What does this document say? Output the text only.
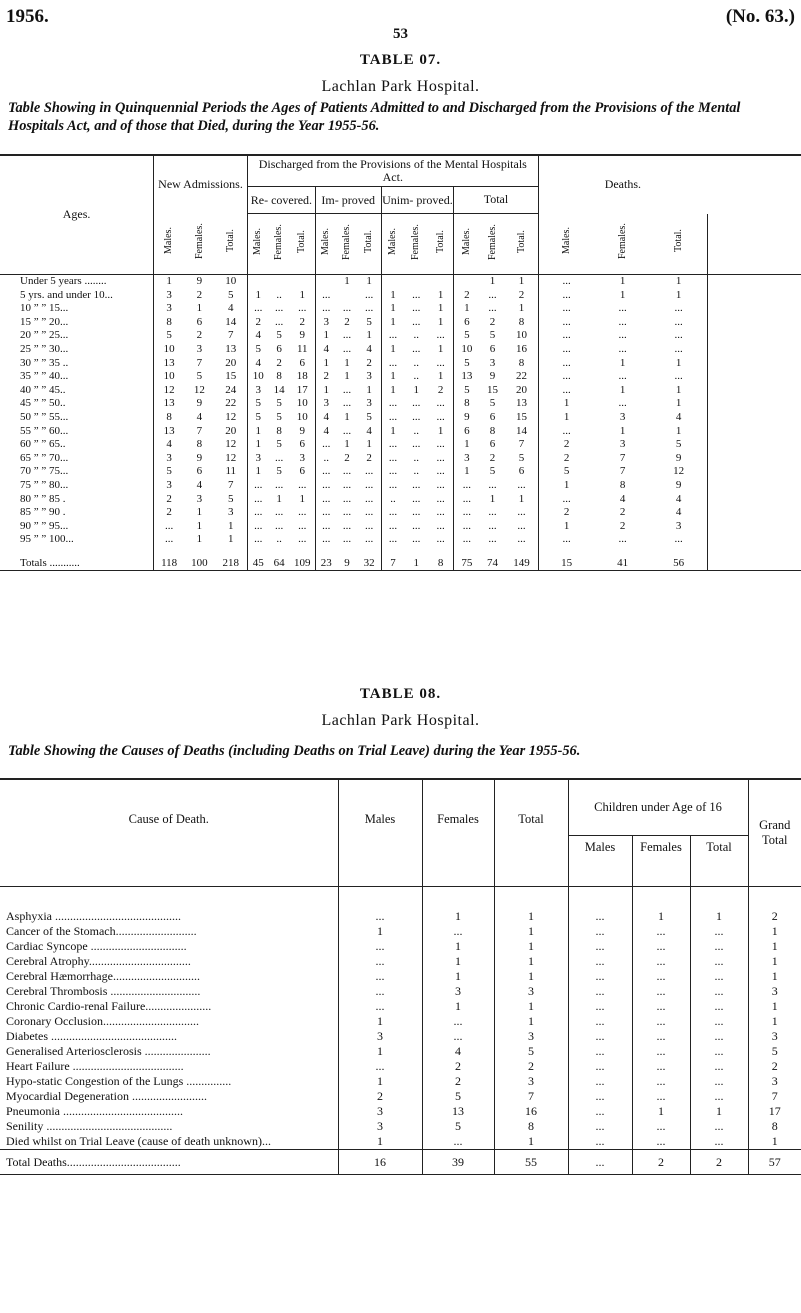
1956.	(No. 63.)
53
TABLE 07.
Lachlan Park Hospital.
Table Showing in Quinquennial Periods the Ages of Patients Admitted to and Discharged from the Provisions of the Mental Hospitals Act, and of those that Died, during the Year 1955-56.
Ages.	New Admissions.			Discharged from the Provisions of the Mental Hospitals Act.												Deaths.			
				Re- covered.			Im- proved			Unim- proved.			Total						
	Males.	Females.	Total.	Males.	Females.	Total.	Males.	Females.	Total.	Males.	Females.	Total.	Males.	Females.	Total.	Males.	Females.	Total.	
Under 5 years ........	1	9	10					1	1					1	1	...	1	1	
5 yrs. and under 10...	3	2	5	1	..	1	...		...	1	...	1	2	...	2	...	1	1	
10 ” ” 15...	3	1	4	...	...	...	...	...	...	1	...	1	1	...	1	...	...	...	
15 ” ” 20...	8	6	14	2	...	2	3	2	5	1	...	1	6	2	8	...	...	...	
20 ” ” 25...	5	2	7	4	5	9	1	...	1	...	..	...	5	5	10	...	...	...	
25 ” ” 30...	10	3	13	5	6	11	4	...	4	1	...	1	10	6	16	...	...	...	
30 ” ” 35 ..	13	7	20	4	2	6	1	1	2	...	..	...	5	3	8	...	1	1	
35 ” ” 40...	10	5	15	10	8	18	2	1	3	1	..	1	13	9	22	...	...	...	
40 ” ” 45..	12	12	24	3	14	17	1	...	1	1	1	2	5	15	20	...	1	1	
45 ” ” 50..	13	9	22	5	5	10	3	...	3	...	...	...	8	5	13	1	...	1	
50 ” ” 55...	8	4	12	5	5	10	4	1	5	...	...	...	9	6	15	1	3	4	
55 ” ” 60...	13	7	20	1	8	9	4	...	4	1	..	1	6	8	14	...	1	1	
60 ” ” 65..	4	8	12	1	5	6	...	1	1	...	...	...	1	6	7	2	3	5	
65 ” ” 70...	3	9	12	3	...	3	..	2	2	...	..	...	3	2	5	2	7	9	
70 ” ” 75...	5	6	11	1	5	6	...	...	...	...	..	...	1	5	6	5	7	12	
75 ” ” 80...	3	4	7	...	...	...	...	...	...	...	...	...	...	...	...	1	8	9	
80 ” ” 85 .	2	3	5	...	1	1	...	...	...	..	...	...	...	1	1	...	4	4	
85 ” ” 90 .	2	1	3	...	...	...	...	...	...	...	...	...	...	...	...	2	2	4	
90 ” ” 95...	...	1	1	...	...	...	...	...	...	...	...	...	...	...	...	1	2	3	
95 ” ” 100...	...	1	1	...	..	...	...	...	...	...	...	...	...	...	...	...	...	...	
Totals ...........	118	100	218	45	64	109	23	9	32	7	1	8	75	74	149	15	41	56	
TABLE 08.
Lachlan Park Hospital.
Table Showing the Causes of Deaths (including Deaths on Trial Leave) during the Year 1955-56.
Cause of Death.	Males	Females	Total	Children under Age of 16			Grand Total
				Males	Females	Total	

Asphyxia ..........................................	...	1	1	...	1	1	2
Cancer of the Stomach...........................	1	...	1	...	...	...	1
Cardiac Syncope ................................	...	1	1	...	...	...	1
Cerebral Atrophy..................................	...	1	1	...	...	...	1
Cerebral Hæmorrhage.............................	...	1	1	...	...	...	1
Cerebral Thrombosis ..............................	...	3	3	...	...	...	3
Chronic Cardio-renal Failure......................	...	1	1	...	...	...	1
Coronary Occlusion................................	1	...	1	...	...	...	1
Diabetes ..........................................	3	...	3	...	...	...	3
Generalised Arteriosclerosis ......................	1	4	5	...	...	...	5
Heart Failure .....................................	...	2	2	...	...	...	2
Hypo-static Congestion of the Lungs ...............	1	2	3	...	...	...	3
Myocardial Degeneration .........................	2	5	7	...	...	...	7
Pneumonia ........................................	3	13	16	...	1	1	17
Senility ..........................................	3	5	8	...	...	...	8
Died whilst on Trial Leave (cause of death unknown)...	1	...	1	...	...	...	1
Total Deaths......................................	16	39	55	...	2	2	57
